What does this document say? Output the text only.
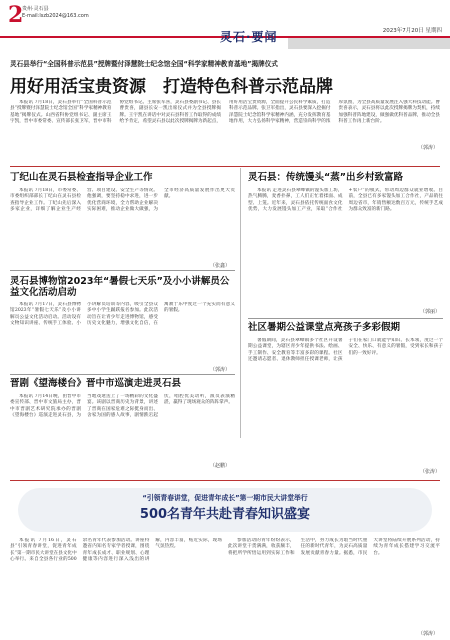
2
贵州·灵石县
E-mail:lszb2024@163.com
2023年7月20日 星期四
灵石·要闻
灵石县举行“全国科普示范县”授牌暨付泽慧院士纪念馆全国“科学家精神教育基地”揭牌仪式
用好用活宝贵资源　打造特色科普示范品牌
本报讯 7月18日，灵石县举行“全国科普示范县”授牌暨付泽慧院士纪念馆全国“科学家精神教育基地”揭牌仪式。山西省科协党组书记、副主席王宇凯，晋中市委常委、宣传部长张卫军，晋中市科协党组书记、主席张军喜，灵石县委副书记、县长曹贵喜，副县长安一凯出席仪式并为全县授牌揭牌。王宇凯在讲话中对灵石县科普工作取得的成绩给予肯定，希望灵石县以此次授牌揭牌为新起点，用好用活宝贵资源，全面提升公民科学素质，打造科普示范品牌。张卫军指出，灵石县要深入挖掘付泽慧院士纪念馆科学家精神内涵，充分发挥教育基地作用，大力弘扬科学家精神，营造崇尚科学的浓厚氛围，为全县高质量发展注入强大科技动能。曹贵喜表示，灵石县将以此次授牌揭牌为契机，持续加强科普阵地建设，做强做优科普品牌，推动全县科普工作再上新台阶。
（郭涛）
丁纪山在灵石县检查指导企业工作
本报讯 7月18日，市委常委、市委组织部部长丁纪山在灵石县检查指导企业工作。丁纪山先后深入多家企业，详细了解企业生产经营、项目建设、安全生产等情况。他强调，要坚持稳中求进，进一步优化营商环境，全力帮助企业解决实际困难，推动企业做大做强，为全市经济高质量发展作出更大贡献。
（张鑫）
灵石县博物馆2023年“暑假七天乐”及小小讲解员公益文化活动启动
本报讯 7月17日，灵石县博物馆2023年“暑假七天乐”及小小讲解员公益文化活动启动。活动设有文物知识讲座、传统手工体验、小小讲解员培训等内容，吸引全县众多中小学生踊跃报名参加。此次活动旨在让青少年走进博物馆，感受历史文化魅力，增强文化自信，在寓教于乐中度过一个充实而有意义的暑假。
（郭涛）
晋剧《望海楼台》晋中市巡演走进灵石县
本报讯 7月14日晚，由晋中市委宣传部、晋中市文旅局主办，晋中市晋剧艺术研究院承办的晋剧《望海楼台》巡演走进灵石县，为当地戏迷送上了一场精彩的文化盛宴。该剧以晋商历史为背景，讲述了晋商在国家危难之际挺身而出、舍家为国的感人故事，剧情跌宕起伏，唱腔优美动听，演员表演精湛，赢得了现场观众的阵阵掌声。
（赵鹏）
灵石县：传统馒头“蒸”出乡村致富路
本报讯 走进灵石县翠峰镇的馒头加工坊，热气腾腾，麦香扑鼻，工人们正忙着揉面、成型、上笼。近年来，灵石县依托传统面食文化优势，大力发展馒头加工产业，采取“合作社+农户”的模式，带动周边群众就业增收。目前，全县已有多家馒头加工合作社，产品销往周边省市，年销售额达数百万元，传统手艺成为群众致富的新门路。
（郭丽）
社区暑期公益课堂点亮孩子多彩假期
暑假期间，灵石县翠峰镇多个社区开设暑期公益课堂，为辖区青少年提供书法、绘画、手工制作、安全教育等丰富多彩的课程。社区还邀请志愿者、退休教师担任授课老师，让孩子们在家门口就能学知识、长本领，度过一个安全、快乐、有意义的暑假，受到家长和孩子们的一致好评。
（张涛）
“引领青春讲堂，促进青年成长”第一期市民大讲堂举行
500名青年共赴青春知识盛宴
本报讯 7月16日，灵石县“引领青春讲堂，促进青年成长”第一期市民大讲堂在县文化中心举行。来自全县各行业的500余名青年代表参加活动。讲座特邀省内知名专家学者授课，围绕青年成长成才、职业规划、心理健康等内容进行深入浅出的讲解，内容丰富，贴近实际，现场气氛热烈。
参加活动的青年纷纷表示，此次讲堂干货满满，收获颇丰，将把所学所悟运用到实际工作和生活中，努力成长为堪当时代重任的新时代青年，为灵石高质量发展贡献青春力量。据悉，市民大讲堂将陆续开展系列活动，持续为青年成长搭建学习交流平台。
（郭涛）
